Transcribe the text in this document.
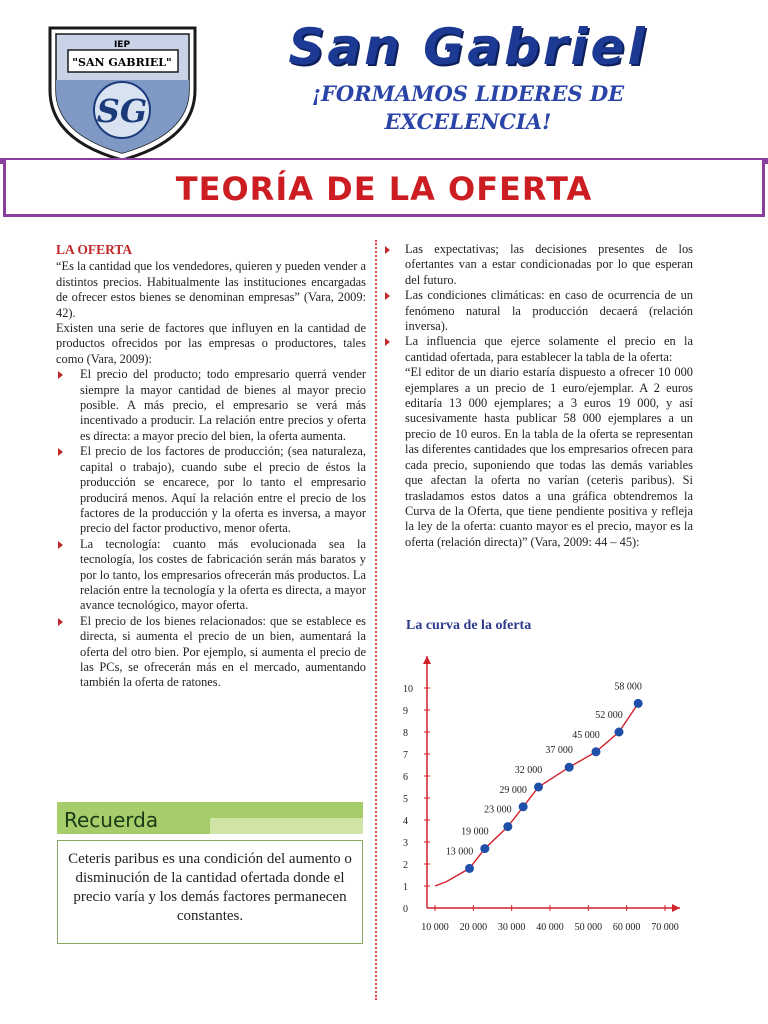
IEP
"SAN GABRIEL"
SG
San Gabriel
¡FORMAMOS LIDERES DE EXCELENCIA!
TEORÍA DE LA OFERTA
LA OFERTA

“Es la cantidad que los vendedores, quieren y pueden vender a distintos precios. Habitualmente las instituciones encargadas de ofrecer estos bienes se denominan empresas” (Vara, 2009: 42).

Existen una serie de factores que influyen en la cantidad de productos ofrecidos por las empresas o productores, tales como (Vara, 2009):

El precio del producto; todo empresario querrá vender siempre la mayor cantidad de bienes al mayor precio posible. A más precio, el empresario se verá más incentivado a producir. La relación entre precios y oferta es directa: a mayor precio del bien, la oferta aumenta.
El precio de los factores de producción; (sea naturaleza, capital o trabajo), cuando sube el precio de éstos la producción se encarece, por lo tanto el empresario producirá menos. Aquí la relación entre el precio de los factores de la producción y la oferta es inversa, a mayor precio del factor productivo, menor oferta.
La tecnología: cuanto más evolucionada sea la tecnología, los costes de fabricación serán más baratos y por lo tanto, los empresarios ofrecerán más productos. La relación entre la tecnología y la oferta es directa, a mayor avance tecnológico, mayor oferta.
El precio de los bienes relacionados: que se establece es directa, si aumenta el precio de un bien, aumentará la oferta del otro bien. Por ejemplo, si aumenta el precio de las PCs, se ofrecerán más en el mercado, aumentando también la oferta de ratones.
Recuerda
Ceteris paribus es una condición del aumento o disminución de la cantidad ofertada donde el precio varía y los demás factores permanecen constantes.
Las expectativas; las decisiones presentes de los ofertantes van a estar condicionadas por lo que esperan del futuro.
Las condiciones climáticas: en caso de ocurrencia de un fenómeno natural la producción decaerá (relación inversa).
La influencia que ejerce solamente el precio en la cantidad ofertada, para establecer la tabla de la oferta:

“El editor de un diario estaría dispuesto a ofrecer 10 000 ejemplares a un precio de 1 euro/ejemplar. A 2 euros editaría 13 000 ejemplares; a 3 euros 19 000, y así sucesivamente hasta publicar 58 000 ejemplares a un precio de 10 euros. En la tabla de la oferta se representan las diferentes cantidades que los empresarios ofrecen para cada precio, suponiendo que todas las demás variables que afectan la oferta no varían (ceteris paribus). Si trasladamos estos datos a una gráfica obtendremos la Curva de la Oferta, que tiene pendiente positiva y refleja la ley de la oferta: cuanto mayor es el precio, mayor es la oferta (relación directa)” (Vara, 2009: 44 – 45):

La curva de la oferta
0
1
2
3
4
5
6
7
8
9
10
10 000 20 000 30 000 40 000 50 000 60 000 70 000
13 000
19 000
23 000
29 000
32 000
37 000
45 000
52 000
58 000
